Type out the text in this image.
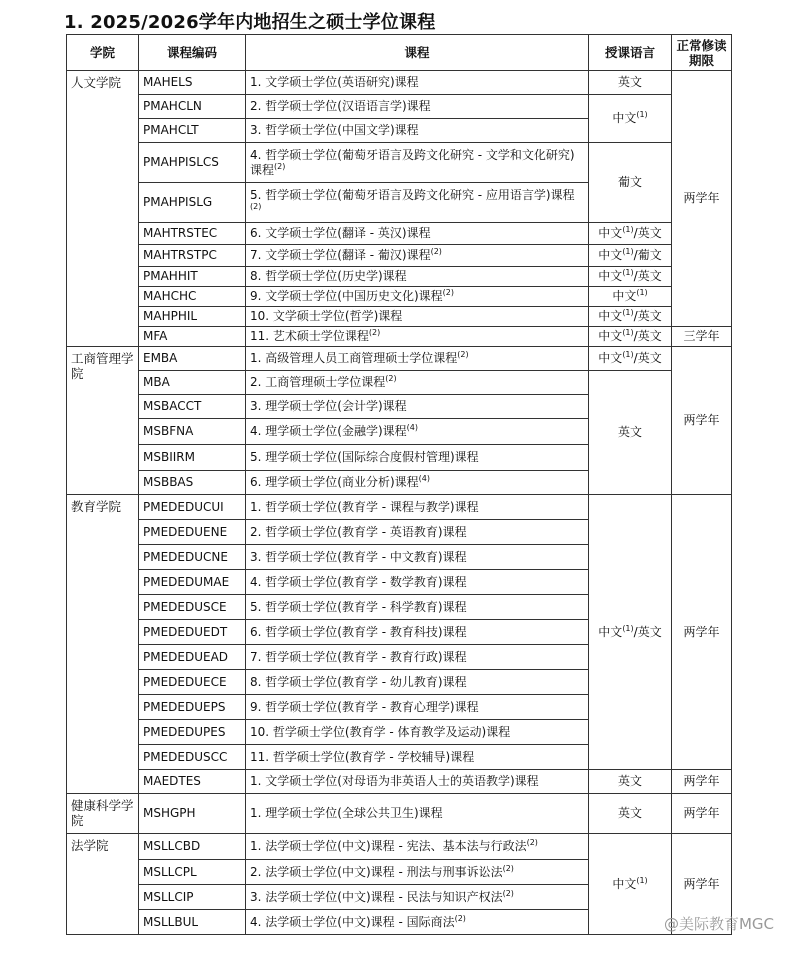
1. 2025/2026学年内地招生之硕士学位课程
学院	课程编码	课程	授课语言	正常修读期限
人文学院	MAHELS	1. 文学硕士学位(英语研究)课程	英文	两学年
	PMAHCLN	2. 哲学硕士学位(汉语语言学)课程	中文$^{(1)}$
	PMAHCLT	3. 哲学硕士学位(中国文学)课程		
	PMAHPISLCS	4. 哲学硕士学位(葡萄牙语言及跨文化研究 - 文学和文化研究)课程$^{(2)}$	葡文	
	PMAHPISLG	5. 哲学硕士学位(葡萄牙语言及跨文化研究 - 应用语言学)课程$^{(2)}$
	MAHTRSTEC	6. 文学硕士学位(翻译 - 英汉)课程	中文$^{(1)}$/英文	
	MAHTRSTPC	7. 文学硕士学位(翻译 - 葡汉)课程$^{(2)}$	中文$^{(1)}$/葡文	
	PMAHHIT	8. 哲学硕士学位(历史学)课程	中文$^{(1)}$/英文	
	MAHCHC	9. 文学硕士学位(中国历史文化)课程$^{(2)}$	中文$^{(1)}$
	MAHPHIL	10. 文学硕士学位(哲学)课程	中文$^{(1)}$/英文	
	MFA	11. 艺术硕士学位课程$^{(2)}$	中文$^{(1)}$/英文	三学年
工商管理学院	EMBA	1. 高级管理人员工商管理硕士学位课程$^{(2)}$	中文$^{(1)}$/英文	两学年
	MBA	2. 工商管理硕士学位课程$^{(2)}$	英文	
	MSBACCT	3. 理学硕士学位(会计学)课程		
	MSBFNA	4. 理学硕士学位(金融学)课程$^{(4)}$
	MSBIIRM	5. 理学硕士学位(国际综合度假村管理)课程		
	MSBBAS	6. 理学硕士学位(商业分析)课程$^{(4)}$
教育学院	PMEDEDUCUI	1. 哲学硕士学位(教育学 - 课程与教学)课程	中文$^{(1)}$/英文	两学年
	PMEDEDUENE	2. 哲学硕士学位(教育学 - 英语教育)课程		
	PMEDEDUCNE	3. 哲学硕士学位(教育学 - 中文教育)课程		
	PMEDEDUMAE	4. 哲学硕士学位(教育学 - 数学教育)课程		
	PMEDEDUSCE	5. 哲学硕士学位(教育学 - 科学教育)课程		
	PMEDEDUEDT	6. 哲学硕士学位(教育学 - 教育科技)课程		
	PMEDEDUEAD	7. 哲学硕士学位(教育学 - 教育行政)课程		
	PMEDEDUECE	8. 哲学硕士学位(教育学 - 幼儿教育)课程		
	PMEDEDUEPS	9. 哲学硕士学位(教育学 - 教育心理学)课程		
	PMEDEDUPES	10. 哲学硕士学位(教育学 - 体育教学及运动)课程		
	PMEDEDUSCC	11. 哲学硕士学位(教育学 - 学校辅导)课程		
	MAEDTES	1. 文学硕士学位(对母语为非英语人士的英语教学)课程	英文	两学年
健康科学学院	MSHGPH	1. 理学硕士学位(全球公共卫生)课程	英文	两学年
法学院	MSLLCBD	1. 法学硕士学位(中文)课程 - 宪法、基本法与行政法$^{(2)}$	中文$^{(1)}$	两学年
	MSLLCPL	2. 法学硕士学位(中文)课程 - 刑法与刑事诉讼法$^{(2)}$
	MSLLCIP	3. 法学硕士学位(中文)课程 - 民法与知识产权法$^{(2)}$
	MSLLBUL	4. 法学硕士学位(中文)课程 - 国际商法$^{(2)}$	@美际教育MGC
